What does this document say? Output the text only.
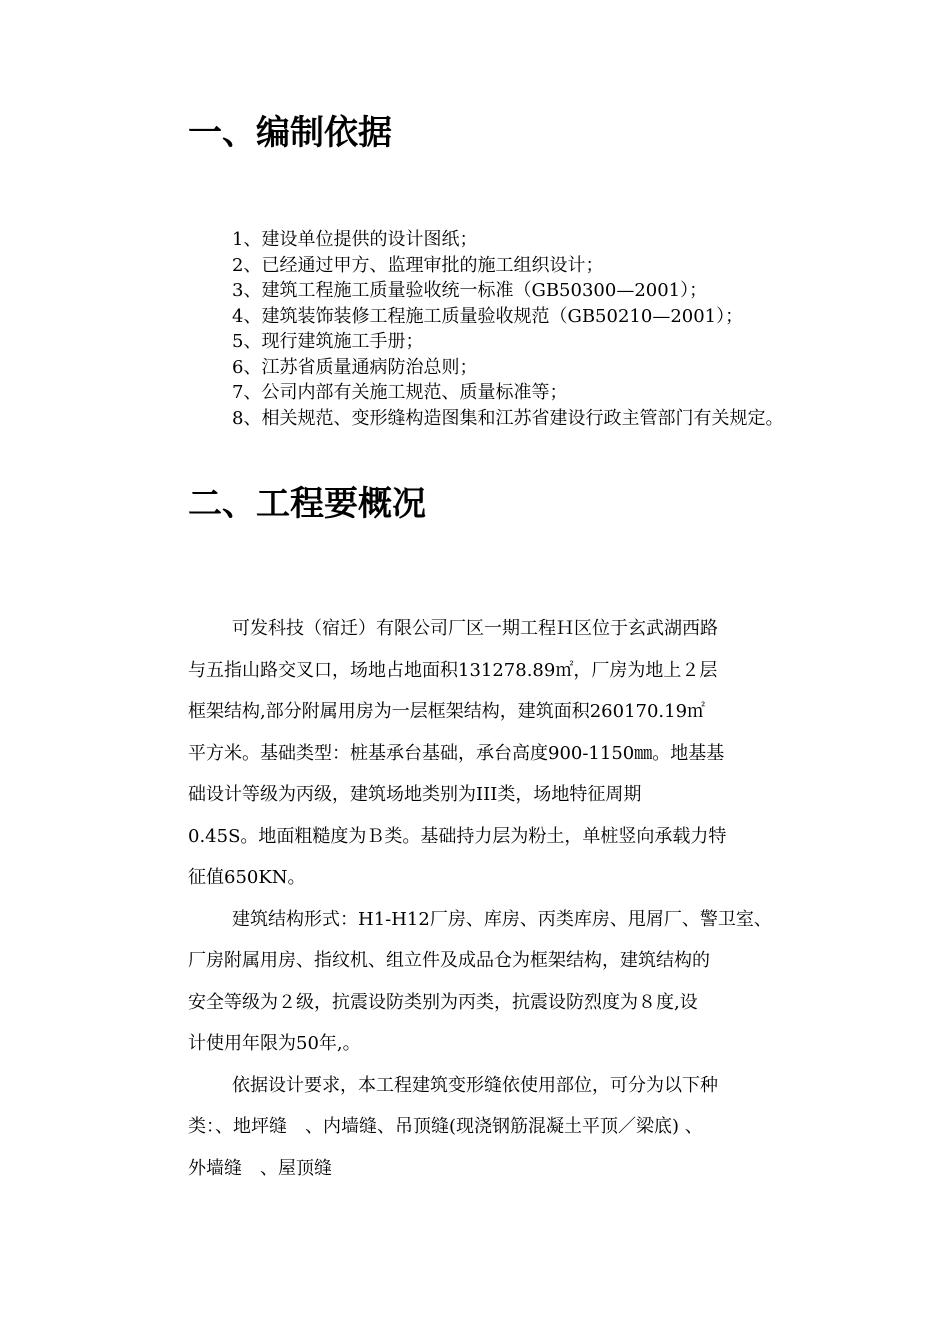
一、编制依据
1、建设单位提供的设计图纸；
2、已经通过甲方、监理审批的施工组织设计；
3、建筑工程施工质量验收统一标准（GB50300—2001）；
4、建筑装饰装修工程施工质量验收规范（GB50210—2001）；
5、现行建筑施工手册；
6、江苏省质量通病防治总则；
7、公司内部有关施工规范、质量标准等；
8、相关规范、变形缝构造图集和江苏省建设行政主管部门有关规定。
二、工程要概况

可发科技（宿迁）有限公司厂区一期工程Ｈ区位于玄武湖西路
与五指山路交叉口，场地占地面积131278.89㎡，厂房为地上２层
框架结构,部分附属用房为一层框架结构，建筑面积260170.19㎡
平方米。基础类型：桩基承台基础，承台高度900-1150㎜。地基基
础设计等级为丙级，建筑场地类别为III类，场地特征周期
0.45S。地面粗糙度为Ｂ类。基础持力层为粉土，单桩竖向承载力特
征值650KN。

建筑结构形式：H1-H12厂房、库房、丙类库房、甩屑厂、警卫室、
厂房附属用房、指纹机、组立件及成品仓为框架结构，建筑结构的
安全等级为２级，抗震设防类别为丙类，抗震设防烈度为８度,设
计使用年限为50年,。

依据设计要求，本工程建筑变形缝依使用部位，可分为以下种
类：、地坪缝　、内墙缝、吊顶缝(现浇钢筋混凝土平顶／梁底) 、
外墙缝　、屋顶缝
